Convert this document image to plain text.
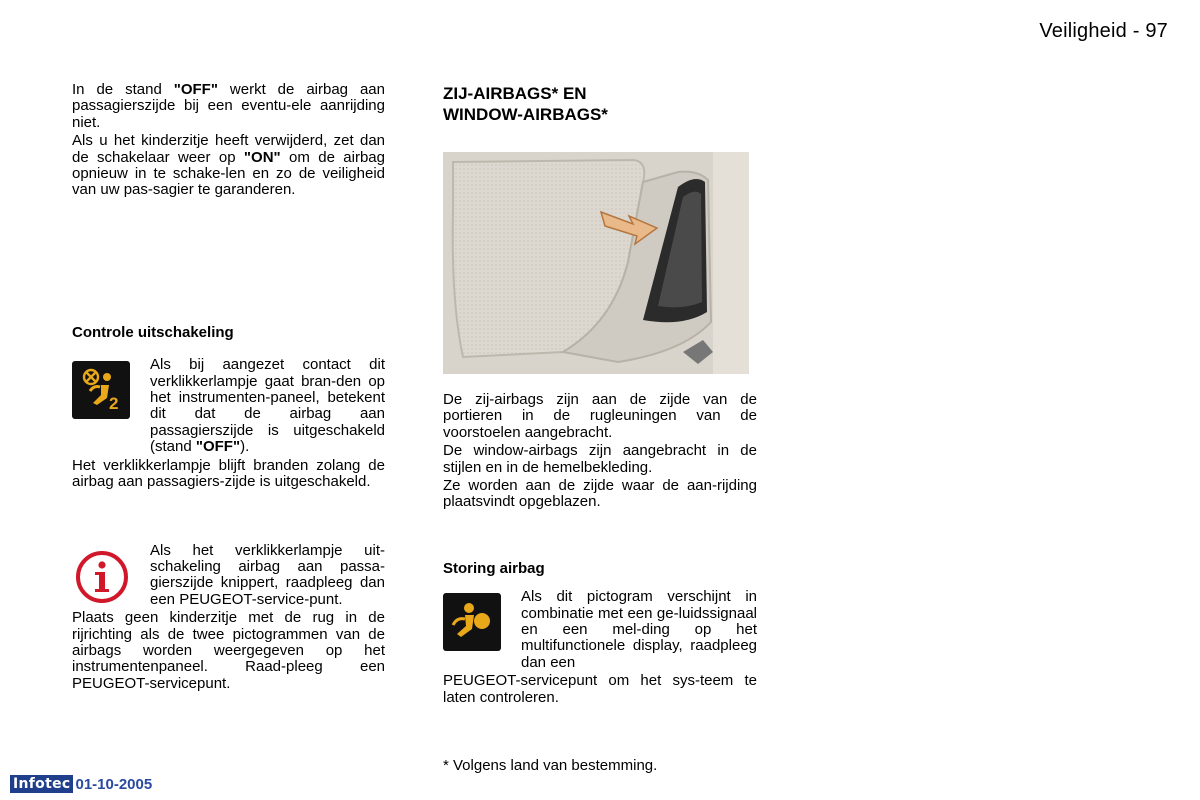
Veiligheid - 97

In de stand "OFF" werkt de airbag aan passagierszijde bij een eventu-ele aanrijding niet.

Als u het kinderzitje heeft verwijderd, zet dan de schakelaar weer op "ON" om de airbag opnieuw in te schake-len en zo de veiligheid van uw pas-sagier te garanderen.

Controle uitschakeling

2

Als bij aangezet contact dit verklikkerlampje gaat bran-den op het instrumenten-paneel, betekent dit dat de airbag aan passagierszijde is uitgeschakeld (stand "OFF").

Het verklikkerlampje blijft branden zolang de airbag aan passagiers-zijde is uitgeschakeld.

Als het verklikkerlampje uit-schakeling airbag aan passa-gierszijde knippert, raadpleeg dan een PEUGEOT-service-punt.

Plaats geen kinderzitje met de rug in de rijrichting als de twee pictogrammen van de airbags worden weergegeven op het instrumentenpaneel. Raad-pleeg een PEUGEOT-servicepunt.

ZIJ-AIRBAGS* EN

WINDOW-AIRBAGS*

De zij-airbags zijn aan de zijde van de portieren in de rugleuningen van de voorstoelen aangebracht.

De window-airbags zijn aangebracht in de stijlen en in de hemelbekleding.

Ze worden aan de zijde waar de aan-rijding plaatsvindt opgeblazen.

Storing airbag

Als dit pictogram verschijnt in combinatie met een ge-luidssignaal en een mel-ding op het multifunctionele display, raadpleeg dan een

PEUGEOT-servicepunt om het sys-teem te laten controleren.

* Volgens land van bestemming.
Infotec 01-10-2005
